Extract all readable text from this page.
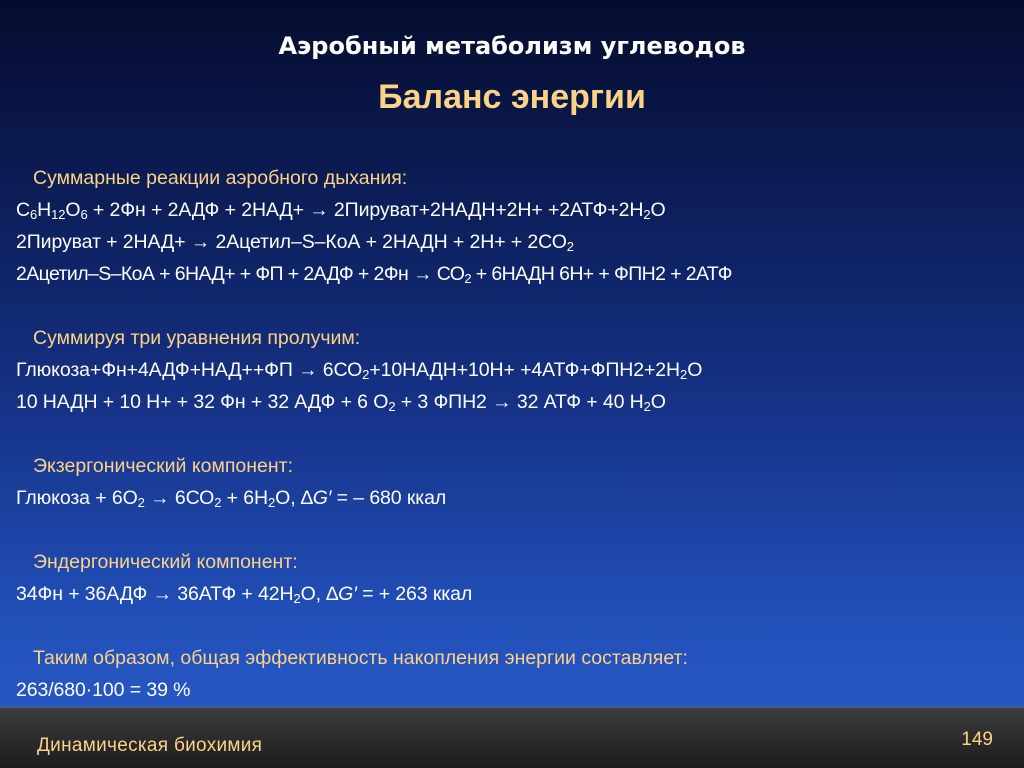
Аэробный метаболизм углеводов
Баланс энергии
Суммарные реакции аэробного дыхания:
$С_6Н_{12}О_6 + 2Фн + 2АДФ + 2НАД+$ → 2Пируват+2НАДН+2Н+ $+2АТФ+2Н_2О$
2Пируват + 2НАД+ → 2Ацетил–S–КоА + 2НАДН + $2Н+ + 2СО_2$
2Ацетил–S–КоА + 6НАД+ + ФП + $2АДФ + 2Фн \to СО_2$ + 6НАДН 6Н+ + ФПН2 + 2АТФ
Суммируя три уравнения пролучим:
Глюкоза+Фн+4АДФ+НАД++ФП → $6СО_2+10НАДН+10Н+ +4АТФ+ФПН2+2Н_2О$
10 НАДН + 10 Н+ + 32 Фн + 32 АДФ + 6 $О_2 + 3$ ФПН2 → 32 АТФ + 40 $Н_2О$
Экзергонический компонент:
Глюкоза + $6О_2 \to 6СО_2 + 6Н_2О$, ∆G′ = – 680 ккал
Эндергонический компонент:
$34Фн + 36АДФ \to 36АТФ + 42Н_2О$, ∆G′ = + 263 ккал
Таким образом, общая эффективность накопления энергии составляет:
263/680·100 = 39 %
Динамическая биохимия	149
